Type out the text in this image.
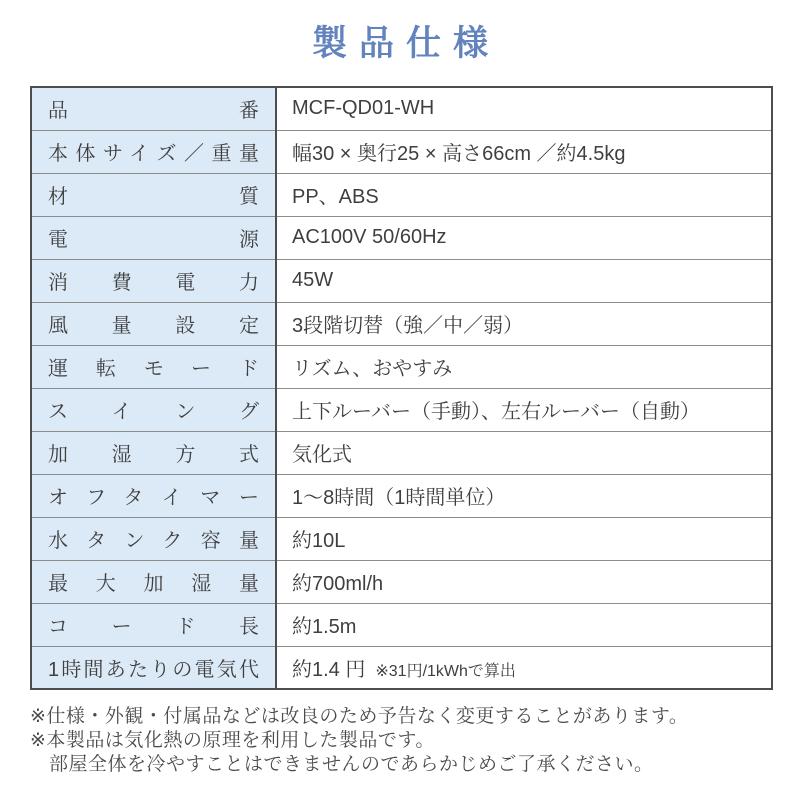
製品仕様
品番	MCF-QD01-WH
本体サイズ／重量	幅30 × 奥行25 × 高さ66cm ／約4.5kg
材質	PP、ABS
電源	AC100V 50/60Hz
消費電力	45W
風量設定	3段階切替（強／中／弱）
運転モード	リズム、おやすみ
スイング	上下ルーバー（手動）、左右ルーバー（自動）
加湿方式	気化式
オフタイマー	1〜8時間（1時間単位）
水タンク容量	約10L
最大加湿量	約700ml/h
コード長	約1.5m
1時間あたりの電気代	約1.4 円 ※31円/1kWhで算出
※仕様・外観・付属品などは改良のため予告なく変更することがあります。
※本製品は気化熱の原理を利用した製品です。
部屋全体を冷やすことはできませんのであらかじめご了承ください。
